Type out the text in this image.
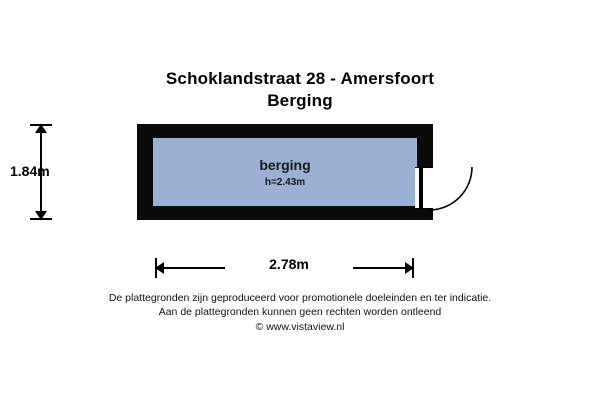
Schoklandstraat 28 - Amersfoort
Berging
berging
h=2.43m
1.84m
2.78m
De plattegronden zijn geproduceerd voor promotionele doeleinden en ter indicatie.
Aan de plattegronden kunnen geen rechten worden ontleend
© www.vistaview.nl
